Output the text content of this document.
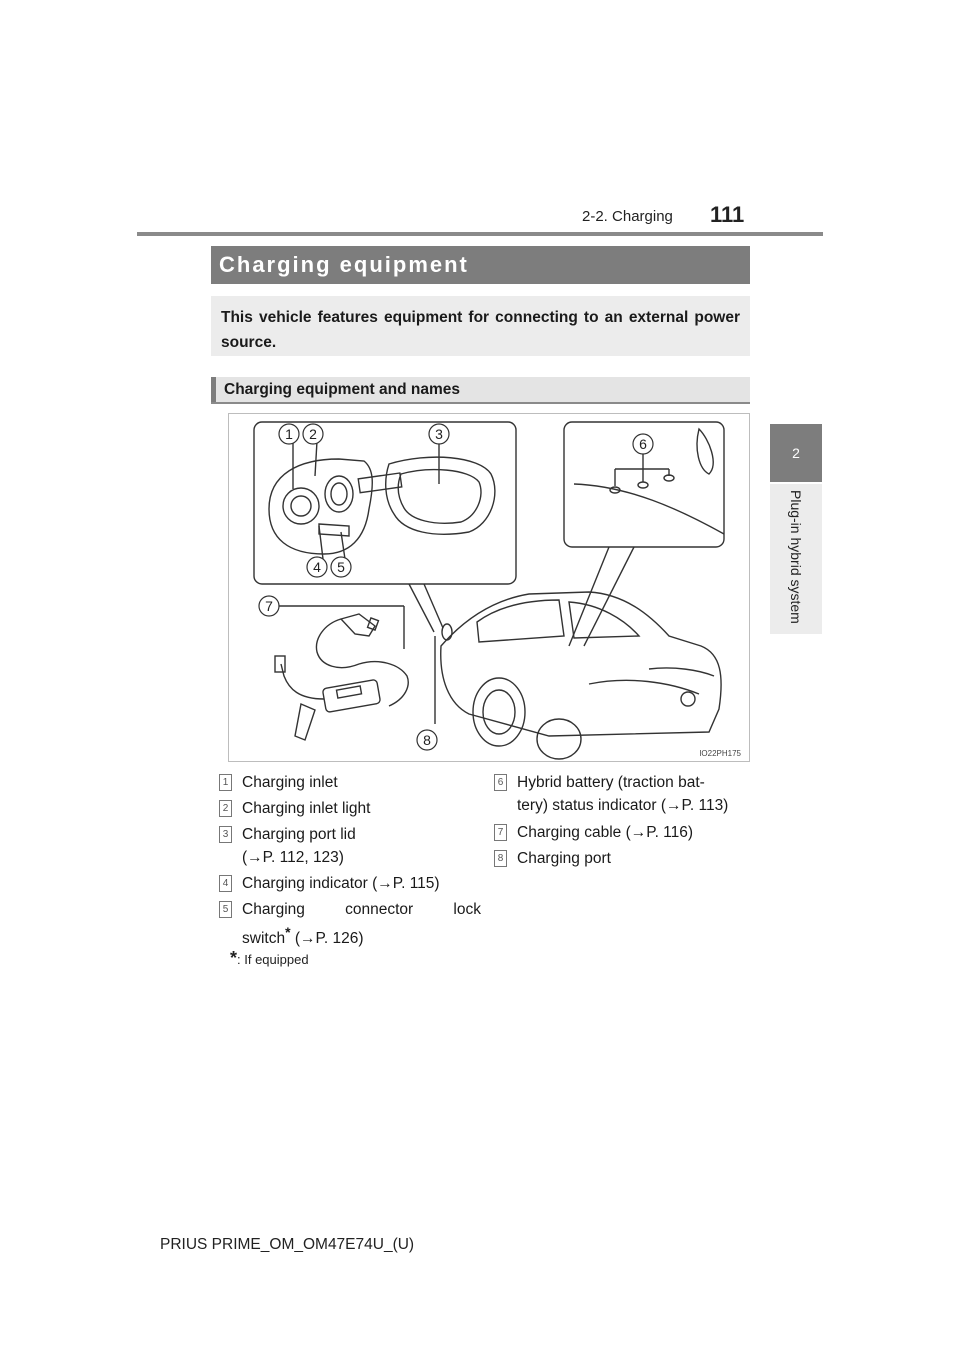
2-2. Charging 111
2
Plug-in hybrid system
Charging equipment
This vehicle features equipment for connecting to an external power source.
Charging equipment and names
1 2	3
4 5
6
7
8
IO22PH175
1 Charging inlet
2 Charging inlet light
3 Charging port lid
(→P. 112, 123)
4 Charging indicator (→P. 115)
5 Charging connector lock
switch* (→P. 126)
6 Hybrid battery (traction bat-
tery) status indicator (→P. 113)
7 Charging cable (→P. 116)
8 Charging port
*: If equipped
PRIUS PRIME_OM_OM47E74U_(U)
